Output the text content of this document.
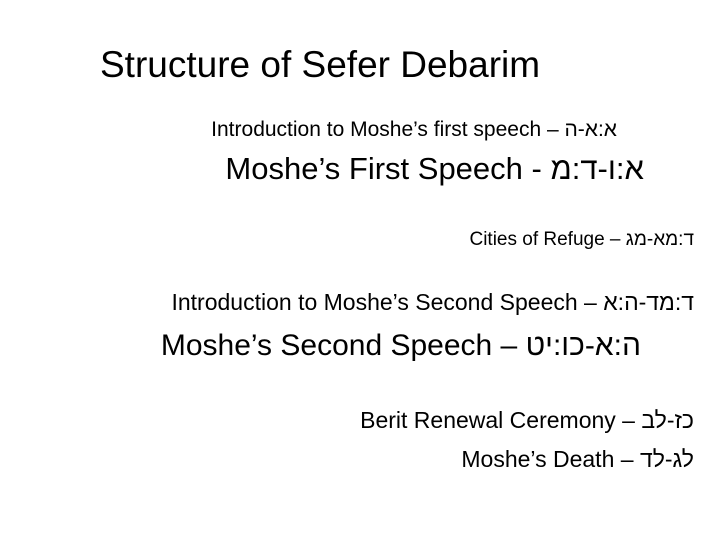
Structure of Sefer Debarim
Introduction to Moshe’s first speech – א:א-ה
Moshe’s First Speech - א:ו-ד:מ
Cities of Refuge – ד:מא-מג
Introduction to Moshe’s Second Speech – ד:מד-ה:א
Moshe’s Second Speech – ה:א-כו:יט
Berit Renewal Ceremony – כז-לב
Moshe’s Death – לג-לד
